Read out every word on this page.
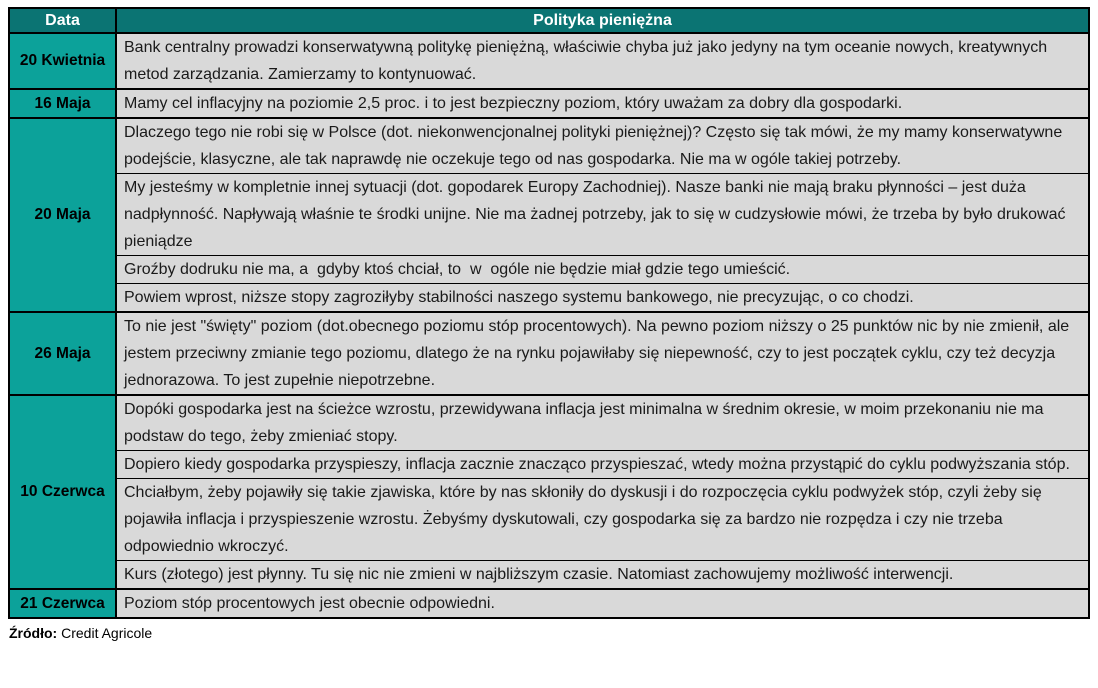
Data	Polityka pieniężna
20 Kwietnia	Bank centralny prowadzi konserwatywną politykę pieniężną, właściwie chyba już jako jedyny na tym oceanie nowych, kreatywnych metod zarządzania. Zamierzamy to kontynuować.
16 Maja	Mamy cel inflacyjny na poziomie 2,5 proc. i to jest bezpieczny poziom, który uważam za dobry dla gospodarki.
20 Maja	Dlaczego tego nie robi się w Polsce (dot. niekonwencjonalnej polityki pieniężnej)? Często się tak mówi, że my mamy konserwatywne podejście, klasyczne, ale tak naprawdę nie oczekuje tego od nas gospodarka. Nie ma w ogóle takiej potrzeby.
	My jesteśmy w kompletnie innej sytuacji (dot. gopodarek Europy Zachodniej). Nasze banki nie mają braku płynności – jest duża nadpłynność. Napływają właśnie te środki unijne. Nie ma żadnej potrzeby, jak to się w cudzysłowie mówi, że trzeba by było drukować pieniądze
	Groźby dodruku nie ma, a  gdyby ktoś chciał, to  w  ogóle nie będzie miał gdzie tego umieścić.
	Powiem wprost, niższe stopy zagroziłyby stabilności naszego systemu bankowego, nie precyzując, o co chodzi.
26 Maja	To nie jest "święty" poziom (dot.obecnego poziomu stóp procentowych). Na pewno poziom niższy o 25 punktów nic by nie zmienił, ale jestem przeciwny zmianie tego poziomu, dlatego że na rynku pojawiłaby się niepewność, czy to jest początek cyklu, czy też decyzja jednorazowa. To jest zupełnie niepotrzebne.
10 Czerwca	Dopóki gospodarka jest na ścieżce wzrostu, przewidywana inflacja jest minimalna w średnim okresie, w moim przekonaniu nie ma podstaw do tego, żeby zmieniać stopy.
	Dopiero kiedy gospodarka przyspieszy, inflacja zacznie znacząco przyspieszać, wtedy można przystąpić do cyklu podwyższania stóp.
	Chciałbym, żeby pojawiły się takie zjawiska, które by nas skłoniły do dyskusji i do rozpoczęcia cyklu podwyżek stóp, czyli żeby się pojawiła inflacja i przyspieszenie wzrostu. Żebyśmy dyskutowali, czy gospodarka się za bardzo nie rozpędza i czy nie trzeba odpowiednio wkroczyć.
	Kurs (złotego) jest płynny. Tu się nic nie zmieni w najbliższym czasie. Natomiast zachowujemy możliwość interwencji.
21 Czerwca	Poziom stóp procentowych jest obecnie odpowiedni.
Źródło: Credit Agricole
